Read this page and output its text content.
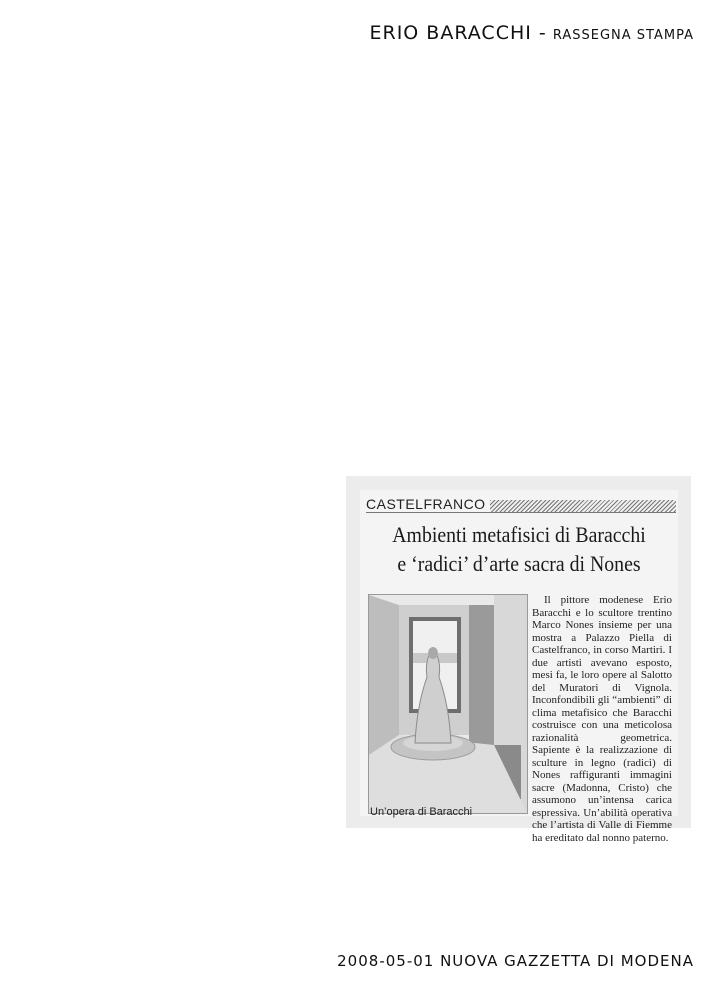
ERIO BARACCHI - RASSEGNA STAMPA
CASTELFRANCO
Ambienti metafisici di Baracchi
e ‘radici’ d’arte sacra di Nones
Un’opera di Baracchi

Il pittore modenese Erio Baracchi e lo scultore trentino Marco Nones insieme per una mostra a Palazzo Piella di Castelfranco, in corso Martiri. I due artisti avevano esposto, mesi fa, le loro opere al Salotto del Muratori di Vignola. Inconfondibili gli “ambienti” di clima metafisico che Baracchi costruisce con una meticolosa razionalità geometrica. Sapiente è la realizzazione di sculture in legno (radici) di Nones raffiguranti immagini sacre (Madonna, Cristo) che assumono un’intensa carica espressiva. Un’abilità operativa che l’artista di Valle di Fiemme ha ereditato dal nonno paterno.

2008-05-01 NUOVA GAZZETTA DI MODENA
